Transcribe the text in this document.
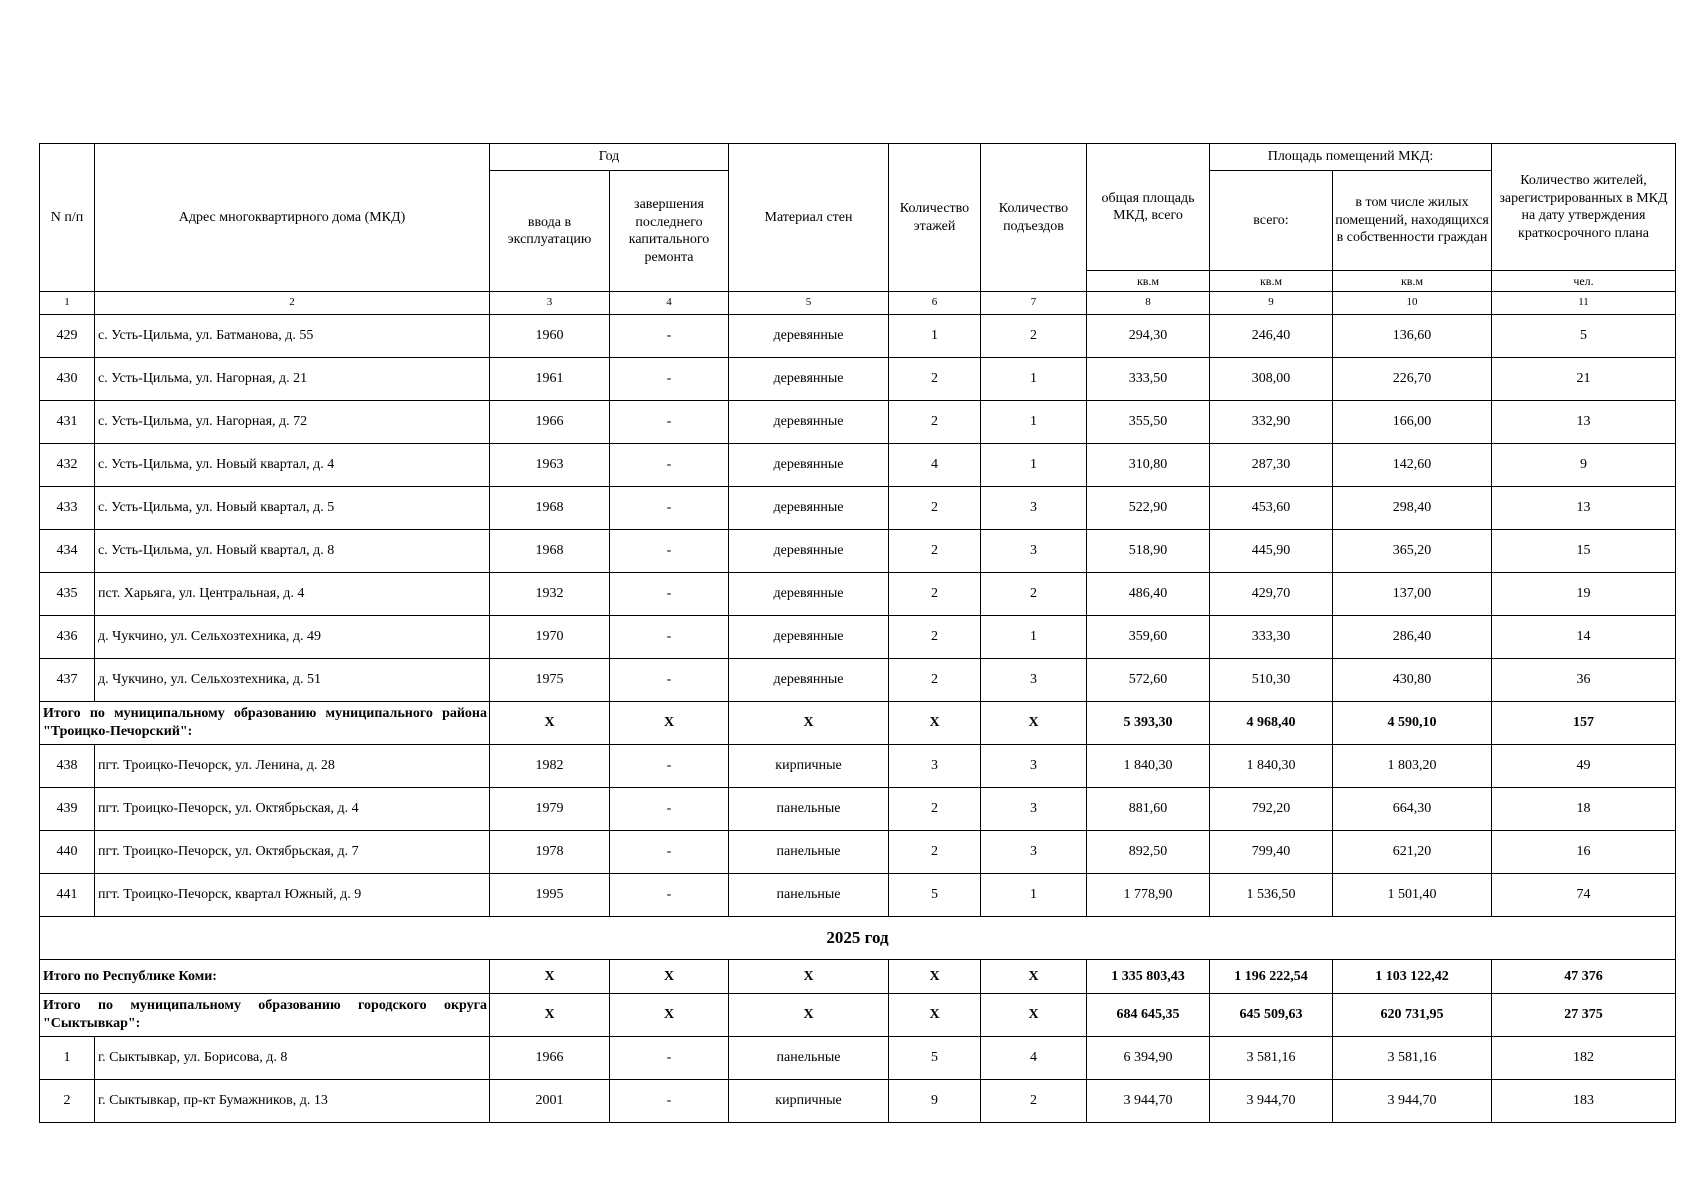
N п/п	Адрес многоквартирного дома (МКД)	Год		Материал стен	Количество этажей	Количество подъездов	общая площадь МКД, всего	Площадь помещений МКД:		Количество жителей, зарегистрированных в МКД на дату утверждения краткосрочного плана
		ввода в эксплуатацию	завершения последнего капитального ремонта					всего:	в том числе жилых помещений, находящихся в собственности граждан	
							кв.м	кв.м	кв.м	чел.
1	2	3	4	5	6	7	8	9	10	11
429	с. Усть-Цильма, ул. Батманова, д. 55	1960	-	деревянные	1	2	294,30	246,40	136,60	5
430	с. Усть-Цильма, ул. Нагорная, д. 21	1961	-	деревянные	2	1	333,50	308,00	226,70	21
431	с. Усть-Цильма, ул. Нагорная, д. 72	1966	-	деревянные	2	1	355,50	332,90	166,00	13
432	с. Усть-Цильма, ул. Новый квартал, д. 4	1963	-	деревянные	4	1	310,80	287,30	142,60	9
433	с. Усть-Цильма, ул. Новый квартал, д. 5	1968	-	деревянные	2	3	522,90	453,60	298,40	13
434	с. Усть-Цильма, ул. Новый квартал, д. 8	1968	-	деревянные	2	3	518,90	445,90	365,20	15
435	пст. Харьяга, ул. Центральная, д. 4	1932	-	деревянные	2	2	486,40	429,70	137,00	19
436	д. Чукчино, ул. Сельхозтехника, д. 49	1970	-	деревянные	2	1	359,60	333,30	286,40	14
437	д. Чукчино, ул. Сельхозтехника, д. 51	1975	-	деревянные	2	3	572,60	510,30	430,80	36
Итого по муниципальному образованию муниципального района "Троицко-Печорский":		X	X	X	X	X	5 393,30	4 968,40	4 590,10	157
438	пгт. Троицко-Печорск, ул. Ленина, д. 28	1982	-	кирпичные	3	3	1 840,30	1 840,30	1 803,20	49
439	пгт. Троицко-Печорск, ул. Октябрьская, д. 4	1979	-	панельные	2	3	881,60	792,20	664,30	18
440	пгт. Троицко-Печорск, ул. Октябрьская, д. 7	1978	-	панельные	2	3	892,50	799,40	621,20	16
441	пгт. Троицко-Печорск, квартал Южный, д. 9	1995	-	панельные	5	1	1 778,90	1 536,50	1 501,40	74
2025 год										
Итого по Республике Коми:		X	X	X	X	X	1 335 803,43	1 196 222,54	1 103 122,42	47 376
Итого по муниципальному образованию городского округа "Сыктывкар":		X	X	X	X	X	684 645,35	645 509,63	620 731,95	27 375
1	г. Сыктывкар, ул. Борисова, д. 8	1966	-	панельные	5	4	6 394,90	3 581,16	3 581,16	182
2	г. Сыктывкар, пр-кт Бумажников, д. 13	2001	-	кирпичные	9	2	3 944,70	3 944,70	3 944,70	183
